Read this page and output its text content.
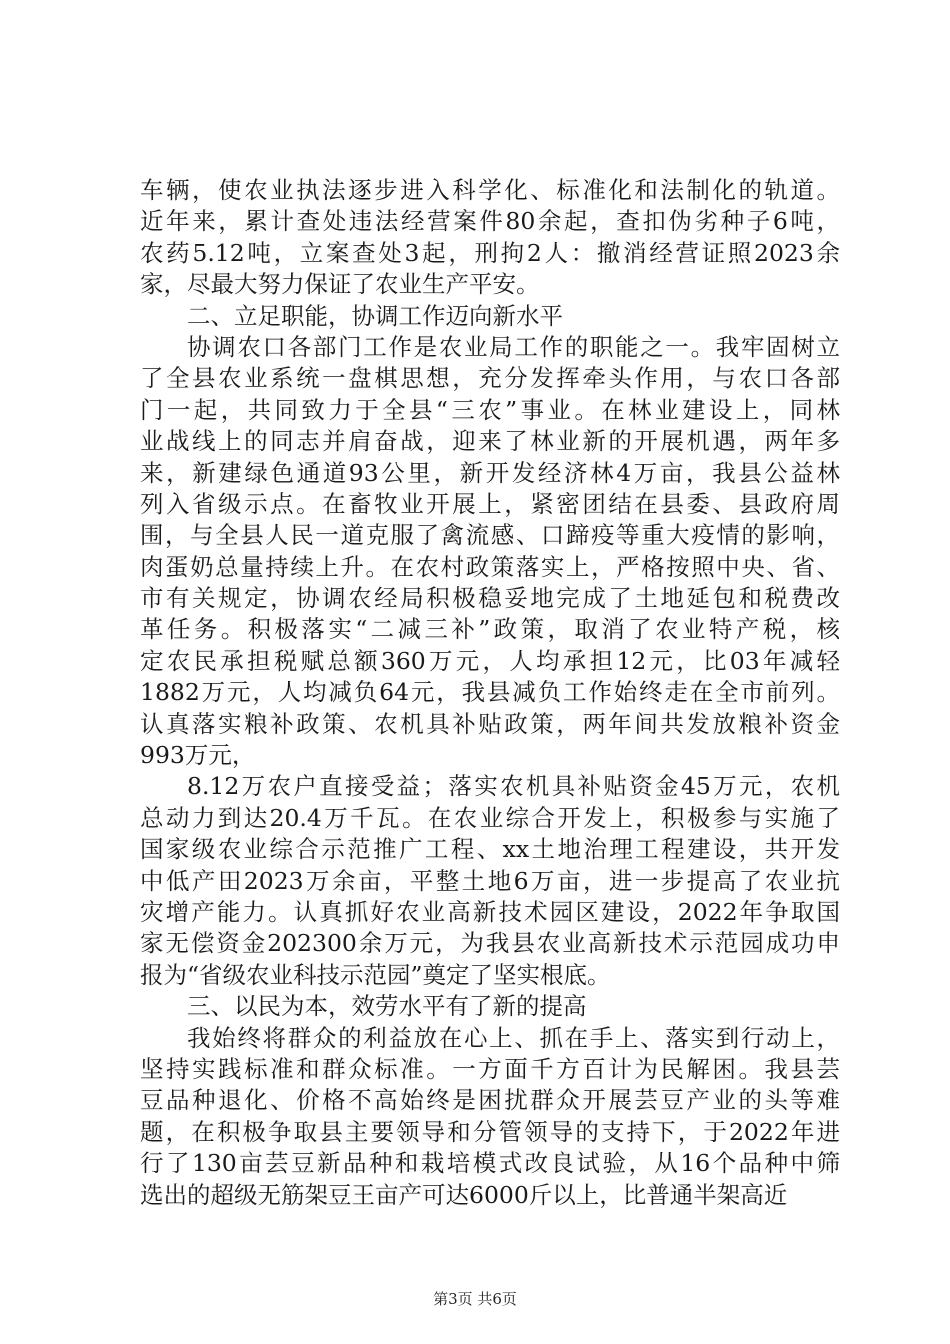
车辆，使农业执法逐步进入科学化、标准化和法制化的轨道。
近年来，累计查处违法经营案件80余起，查扣伪劣种子6吨，
农药5.12吨，立案查处3起，刑拘2人：撤消经营证照2023余
家，尽最大努力保证了农业生产平安。
二、立足职能，协调工作迈向新水平
协调农口各部门工作是农业局工作的职能之一。我牢固树立
了全县农业系统一盘棋思想，充分发挥牵头作用，与农口各部
门一起，共同致力于全县“三农”事业。在林业建设上，同林
业战线上的同志并肩奋战，迎来了林业新的开展机遇，两年多
来，新建绿色通道93公里，新开发经济林4万亩，我县公益林
列入省级示点。在畜牧业开展上，紧密团结在县委、县政府周
围，与全县人民一道克服了禽流感、口蹄疫等重大疫情的影响，
肉蛋奶总量持续上升。在农村政策落实上，严格按照中央、省、
市有关规定，协调农经局积极稳妥地完成了土地延包和税费改
革任务。积极落实“二减三补”政策，取消了农业特产税，核
定农民承担税赋总额360万元，人均承担12元，比03年减轻
1882万元，人均减负64元，我县减负工作始终走在全市前列。
认真落实粮补政策、农机具补贴政策，两年间共发放粮补资金
993万元，
8.12万农户直接受益；落实农机具补贴资金45万元，农机
总动力到达20.4万千瓦。在农业综合开发上，积极参与实施了
国家级农业综合示范推广工程、xx土地治理工程建设，共开发
中低产田2023万余亩，平整土地6万亩，进一步提高了农业抗
灾增产能力。认真抓好农业高新技术园区建设，2022年争取国
家无偿资金202300余万元，为我县农业高新技术示范园成功申
报为“省级农业科技示范园”奠定了坚实根底。
三、以民为本，效劳水平有了新的提高
我始终将群众的利益放在心上、抓在手上、落实到行动上，
坚持实践标准和群众标准。一方面千方百计为民解困。我县芸
豆品种退化、价格不高始终是困扰群众开展芸豆产业的头等难
题，在积极争取县主要领导和分管领导的支持下，于2022年进
行了130亩芸豆新品种和栽培模式改良试验，从16个品种中筛
选出的超级无筋架豆王亩产可达6000斤以上，比普通半架高近
第3页 共6页
